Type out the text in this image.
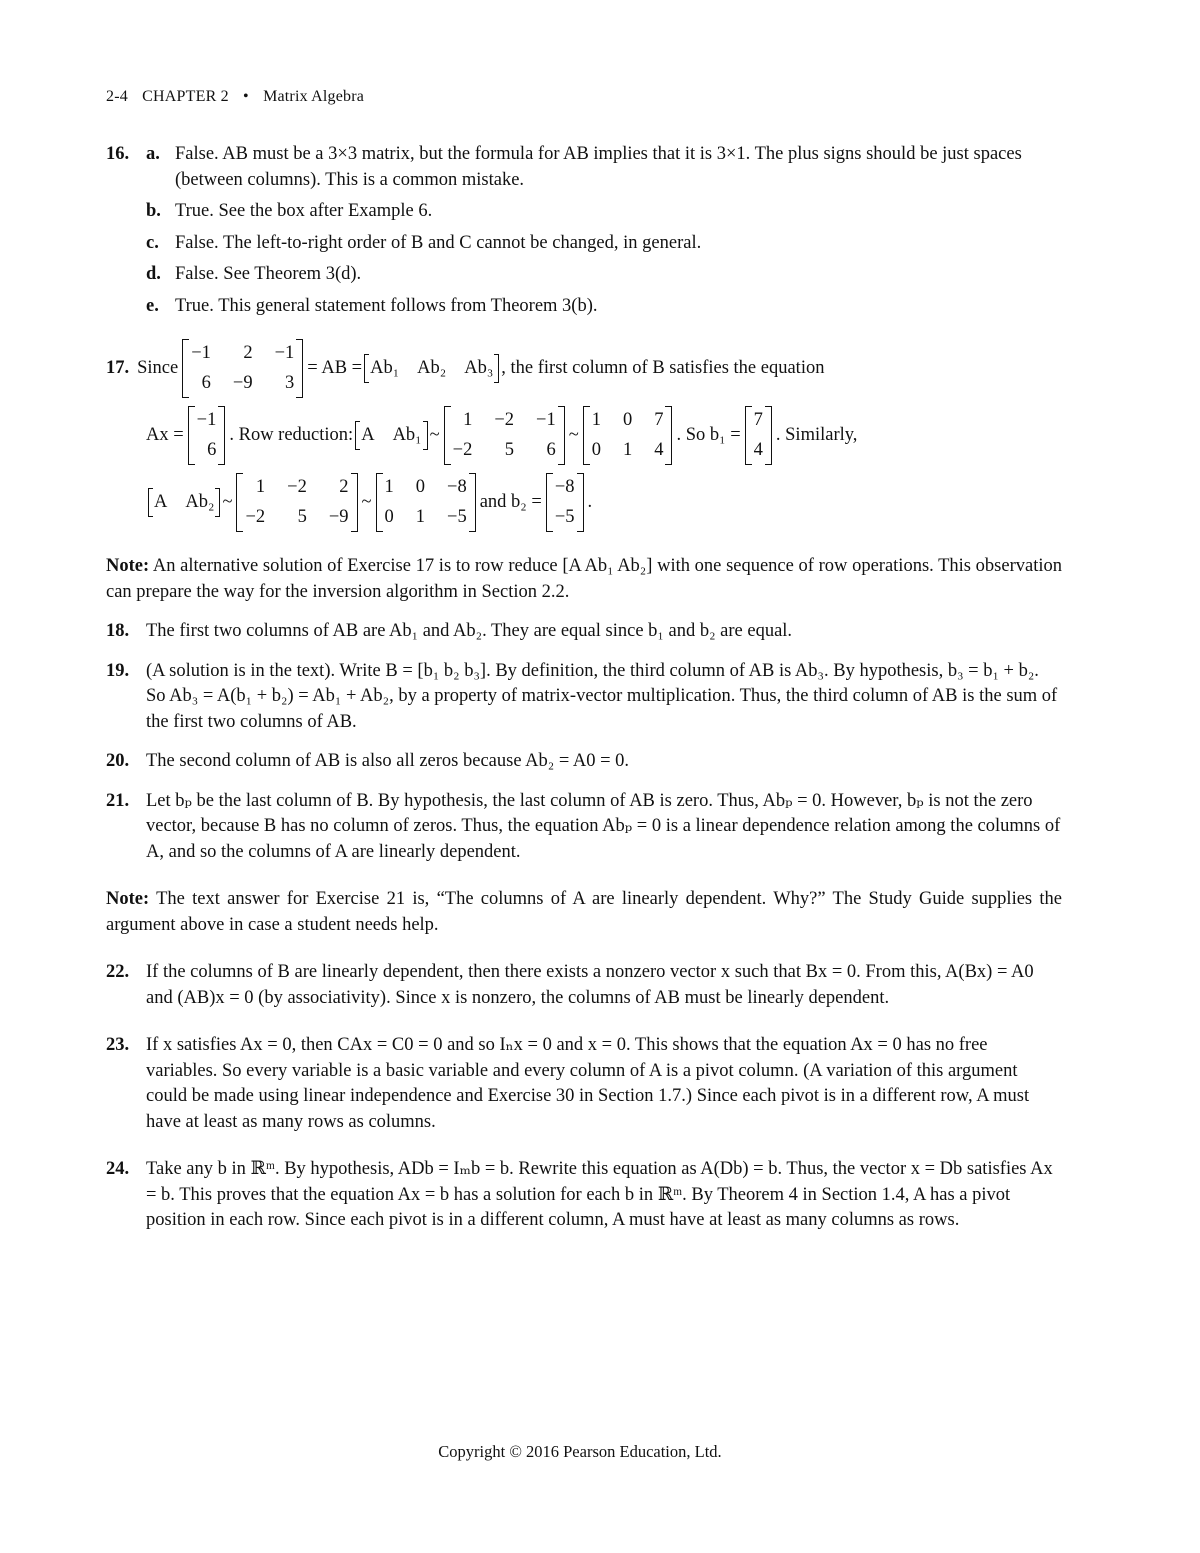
2-4 CHAPTER 2 • Matrix Algebra
16. a. False. AB must be a 3×3 matrix, but the formula for AB implies that it is 3×1. The plus signs should be just spaces (between columns). This is a common mistake.
b. True. See the box after Example 6.
c. False. The left-to-right order of B and C cannot be changed, in general.
d. False. See Theorem 3(d).
e. True. This general statement follows from Theorem 3(b).
17. Since
−1	2 −1
6 −9	3
= AB = Ab₁ Ab₂ Ab₃ , the first column of B satisfies the equation
Ax =
−1
6
. Row reduction: A Ab₁ ~
1 −2 −1
−2	5	6
~
1 0 7
0 1 4
. So b₁ =
7
4
. Similarly,
A Ab₂ ~
1 −2	2
−2	5 −9
~
1 0 −8
0 1 −5
and b₂ =
−8
−5
.
Note: An alternative solution of Exercise 17 is to row reduce [A Ab₁ Ab₂] with one sequence of row operations. This observation can prepare the way for the inversion algorithm in Section 2.2.
18. The first two columns of AB are Ab₁ and Ab₂. They are equal since b₁ and b₂ are equal.
19. (A solution is in the text). Write B = [b₁ b₂ b₃]. By definition, the third column of AB is Ab₃. By hypothesis, b₃ = b₁ + b₂. So Ab₃ = A(b₁ + b₂) = Ab₁ + Ab₂, by a property of matrix-vector multiplication. Thus, the third column of AB is the sum of the first two columns of AB.
20. The second column of AB is also all zeros because Ab₂ = A0 = 0.
21. Let bₚ be the last column of B. By hypothesis, the last column of AB is zero. Thus, Abₚ = 0. However, bₚ is not the zero vector, because B has no column of zeros. Thus, the equation Abₚ = 0 is a linear dependence relation among the columns of A, and so the columns of A are linearly dependent.
Note: The text answer for Exercise 21 is, “The columns of A are linearly dependent. Why?” The Study Guide supplies the argument above in case a student needs help.
22. If the columns of B are linearly dependent, then there exists a nonzero vector x such that Bx = 0. From this, A(Bx) = A0 and (AB)x = 0 (by associativity). Since x is nonzero, the columns of AB must be linearly dependent.
23. If x satisfies Ax = 0, then CAx = C0 = 0 and so Iₙx = 0 and x = 0. This shows that the equation Ax = 0 has no free variables. So every variable is a basic variable and every column of A is a pivot column. (A variation of this argument could be made using linear independence and Exercise 30 in Section 1.7.) Since each pivot is in a different row, A must have at least as many rows as columns.
24. Take any b in ℝᵐ. By hypothesis, ADb = Iₘb = b. Rewrite this equation as A(Db) = b. Thus, the vector x = Db satisfies Ax = b. This proves that the equation Ax = b has a solution for each b in ℝᵐ. By Theorem 4 in Section 1.4, A has a pivot position in each row. Since each pivot is in a different column, A must have at least as many columns as rows.
Copyright © 2016 Pearson Education, Ltd.
